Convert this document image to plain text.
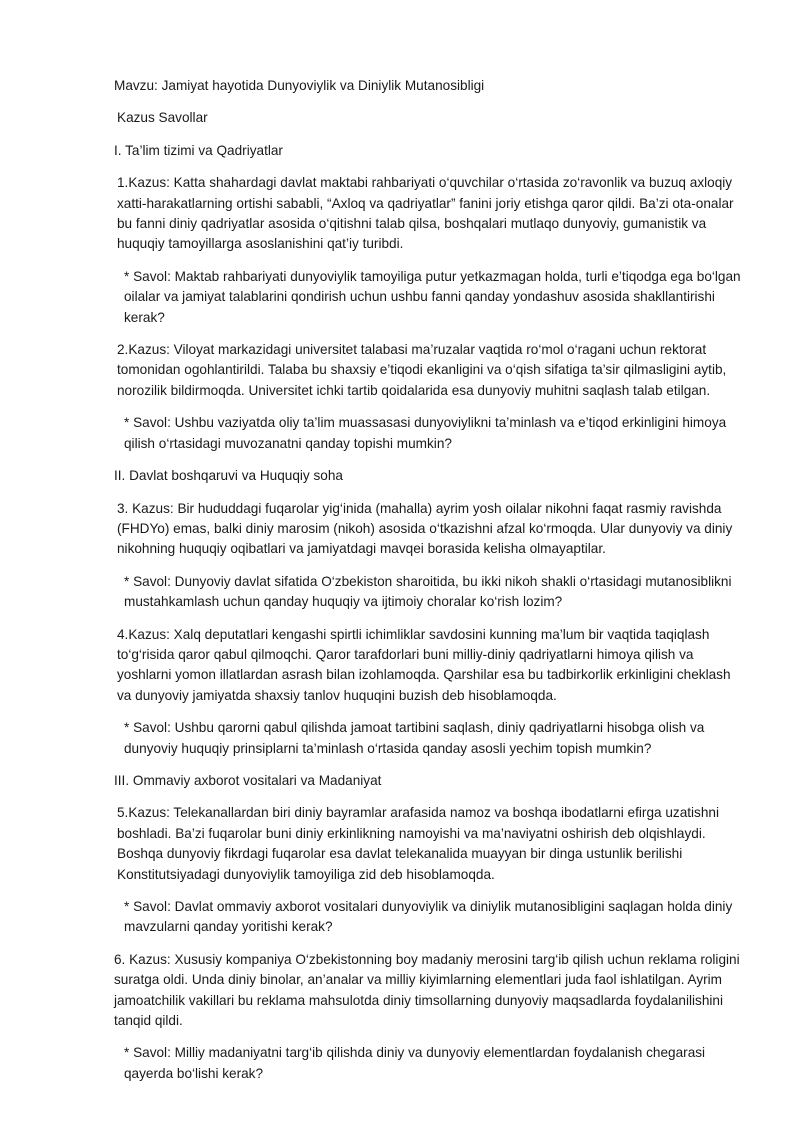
Mavzu: Jamiyat hayotida Dunyoviylik va Diniylik Mutanosibligi

Kazus Savollar

I. Ta’lim tizimi va Qadriyatlar

1.Kazus: Katta shahardagi davlat maktabi rahbariyati o‘quvchilar o‘rtasida zo‘ravonlik va buzuq axloqiy xatti-harakatlarning ortishi sababli, “Axloq va qadriyatlar” fanini joriy etishga qaror qildi. Ba’zi ota-onalar bu fanni diniy qadriyatlar asosida o‘qitishni talab qilsa, boshqalari mutlaqo dunyoviy, gumanistik va huquqiy tamoyillarga asoslanishini qat’iy turibdi.

* Savol: Maktab rahbariyati dunyoviylik tamoyiliga putur yetkazmagan holda, turli e’tiqodga ega bo‘lgan oilalar va jamiyat talablarini qondirish uchun ushbu fanni qanday yondashuv asosida shakllantirishi kerak?

2.Kazus: Viloyat markazidagi universitet talabasi ma’ruzalar vaqtida ro‘mol o‘ragani uchun rektorat tomonidan ogohlantirildi. Talaba bu shaxsiy e’tiqodi ekanligini va o‘qish sifatiga ta’sir qilmasligini aytib, norozilik bildirmoqda. Universitet ichki tartib qoidalarida esa dunyoviy muhitni saqlash talab etilgan.

* Savol: Ushbu vaziyatda oliy ta’lim muassasasi dunyoviylikni ta’minlash va e’tiqod erkinligini himoya qilish o‘rtasidagi muvozanatni qanday topishi mumkin?

II. Davlat boshqaruvi va Huquqiy soha

3. Kazus: Bir hududdagi fuqarolar yig‘inida (mahalla) ayrim yosh oilalar nikohni faqat rasmiy ravishda (FHDYo) emas, balki diniy marosim (nikoh) asosida o‘tkazishni afzal ko‘rmoqda. Ular dunyoviy va diniy nikohning huquqiy oqibatlari va jamiyatdagi mavqei borasida kelisha olmayaptilar.

* Savol: Dunyoviy davlat sifatida O‘zbekiston sharoitida, bu ikki nikoh shakli o‘rtasidagi mutanosiblikni mustahkamlash uchun qanday huquqiy va ijtimoiy choralar ko‘rish lozim?

4.Kazus: Xalq deputatlari kengashi spirtli ichimliklar savdosini kunning ma’lum bir vaqtida taqiqlash to‘g‘risida qaror qabul qilmoqchi. Qaror tarafdorlari buni milliy-diniy qadriyatlarni himoya qilish va yoshlarni yomon illatlardan asrash bilan izohlamoqda. Qarshilar esa bu tadbirkorlik erkinligini cheklash va dunyoviy jamiyatda shaxsiy tanlov huquqini buzish deb hisoblamoqda.

* Savol: Ushbu qarorni qabul qilishda jamoat tartibini saqlash, diniy qadriyatlarni hisobga olish va dunyoviy huquqiy prinsiplarni ta’minlash o‘rtasida qanday asosli yechim topish mumkin?

III. Ommaviy axborot vositalari va Madaniyat

5.Kazus: Telekanallardan biri diniy bayramlar arafasida namoz va boshqa ibodatlarni efirga uzatishni boshladi. Ba’zi fuqarolar buni diniy erkinlikning namoyishi va ma’naviyatni oshirish deb olqishlaydi. Boshqa dunyoviy fikrdagi fuqarolar esa davlat telekanalida muayyan bir dinga ustunlik berilishi Konstitutsiyadagi dunyoviylik tamoyiliga zid deb hisoblamoqda.

* Savol: Davlat ommaviy axborot vositalari dunyoviylik va diniylik mutanosibligini saqlagan holda diniy mavzularni qanday yoritishi kerak?

6. Kazus: Xususiy kompaniya O‘zbekistonning boy madaniy merosini targ‘ib qilish uchun reklama roligini suratga oldi. Unda diniy binolar, an’analar va milliy kiyimlarning elementlari juda faol ishlatilgan. Ayrim jamoatchilik vakillari bu reklama mahsulotda diniy timsollarning dunyoviy maqsadlarda foydalanilishini tanqid qildi.

* Savol: Milliy madaniyatni targ‘ib qilishda diniy va dunyoviy elementlardan foydalanish chegarasi qayerda bo‘lishi kerak?
